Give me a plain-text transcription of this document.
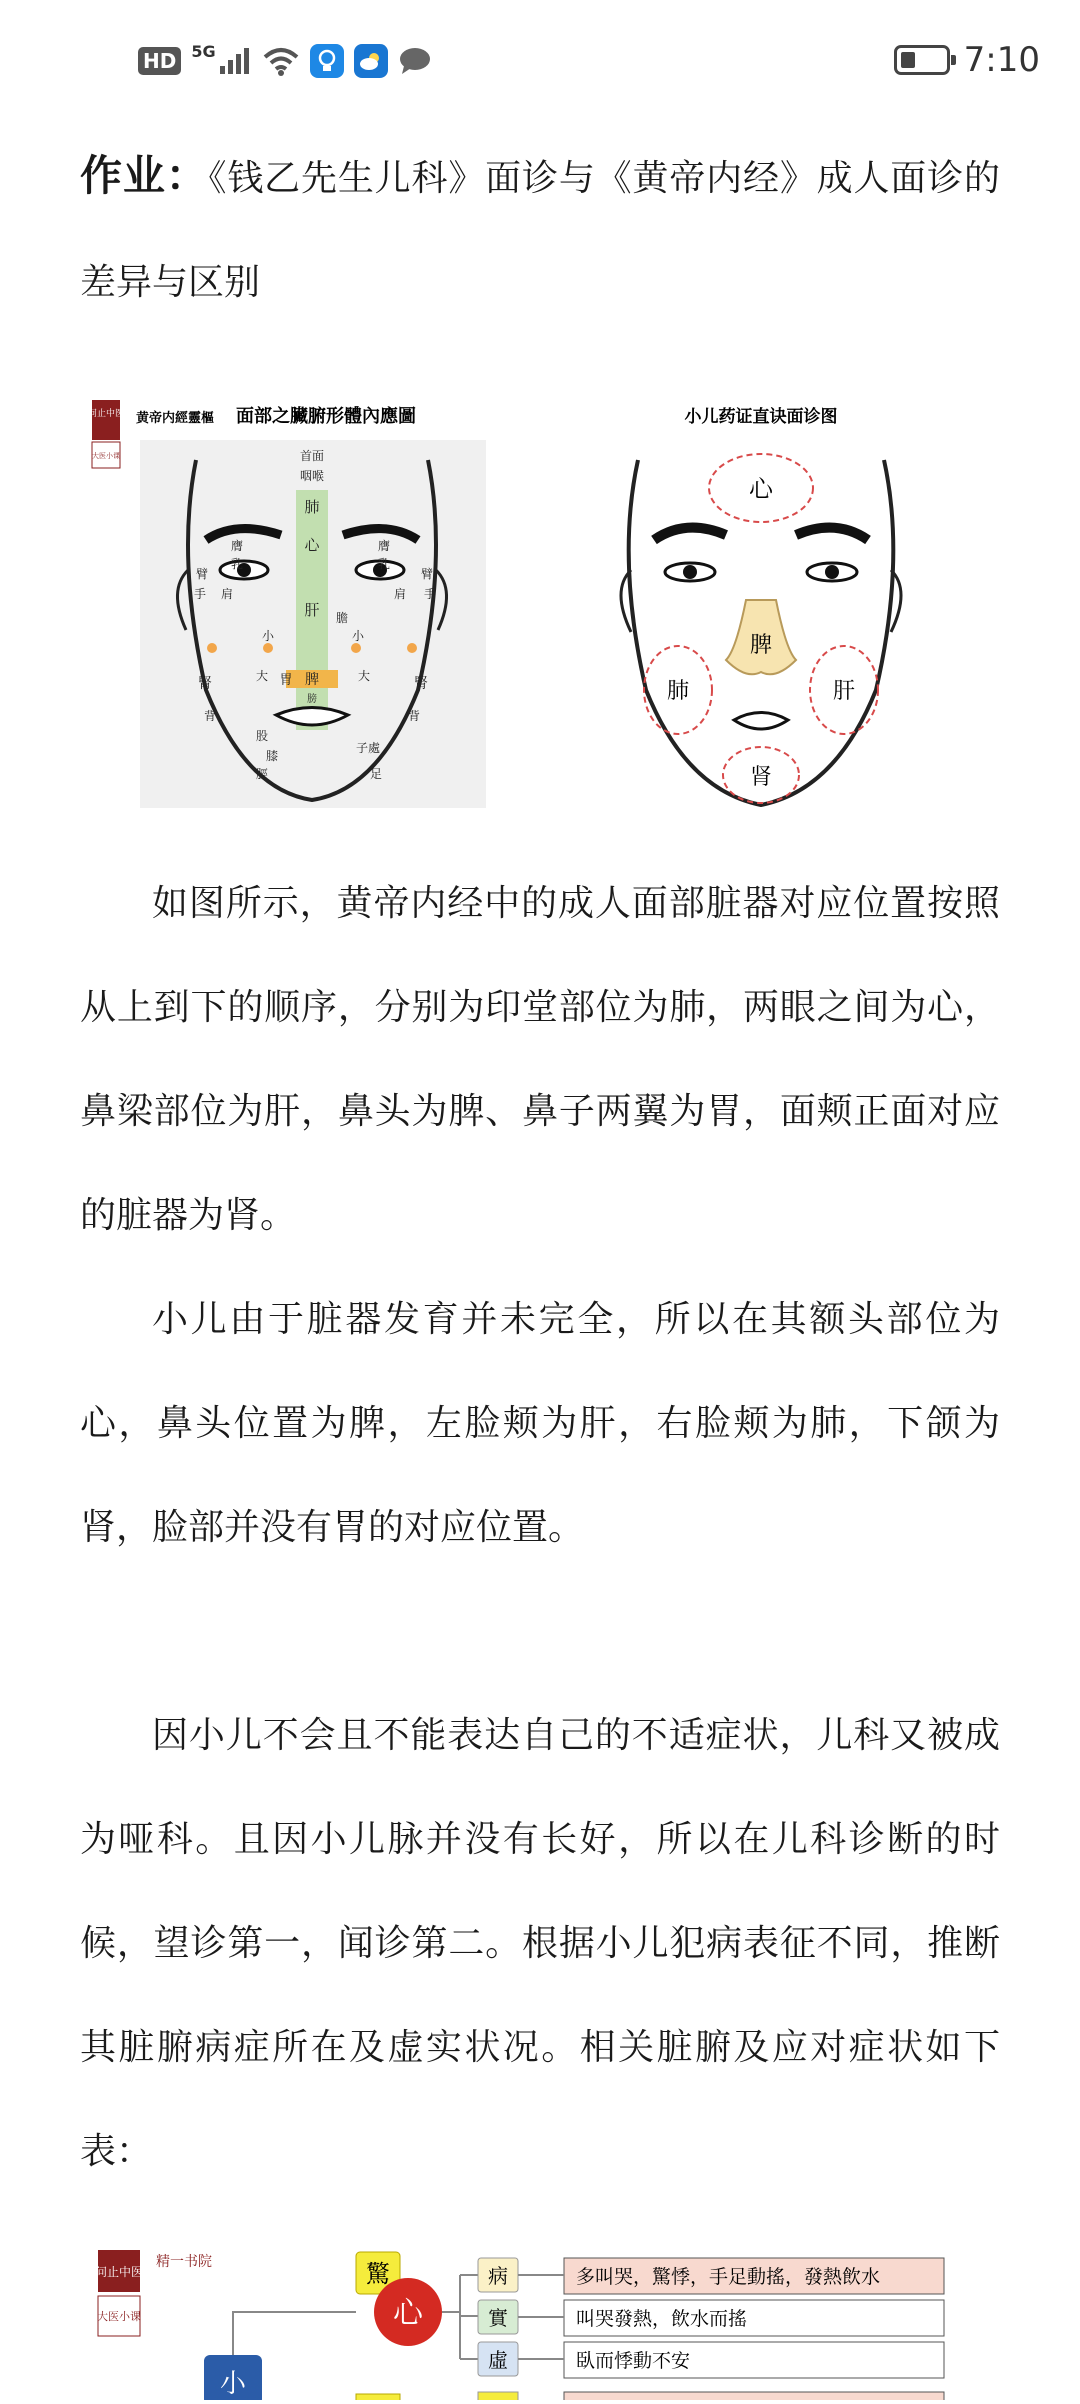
HD 5G	7:10

作业：《钱乙先生儿科》面诊与《黄帝内经》成人面诊的差异与区别

问止中医
大医小课
黄帝内經靈樞 面部之臟腑形體內應圖
首面
咽喉
肺
心
肝 膽
脾
胃
膺	膺
乳	乳
臂	臂
手	手
肩	肩
小	小
大	大
腎	腎
背	背
股
膝
脛	足
膀
子處
小儿药证直诀面诊图
心
脾
肺	肝
肾

如图所示，黄帝内经中的成人面部脏器对应位置按照从上到下的顺序，分别为印堂部位为肺，两眼之间为心，鼻梁部位为肝，鼻头为脾、鼻子两翼为胃，面颊正面对应的脏器为肾。

小儿由于脏器发育并未完全，所以在其额头部位为心，鼻头位置为脾，左脸颊为肝，右脸颊为肺，下颌为肾，脸部并没有胃的对应位置。

因小儿不会且不能表达自己的不适症状，儿科又被成为哑科。且因小儿脉并没有长好，所以在儿科诊断的时候，望诊第一，闻诊第二。根据小儿犯病表征不同，推断其脏腑病症所在及虚实状况。相关脏腑及应对症状如下表：

问止中医
大医小课
精一书院
小
驚
心
病	多叫哭，驚悸，手足動搖，發熱飲水
實	叫哭發熱，飲水而搖
虛	臥而悸動不安
